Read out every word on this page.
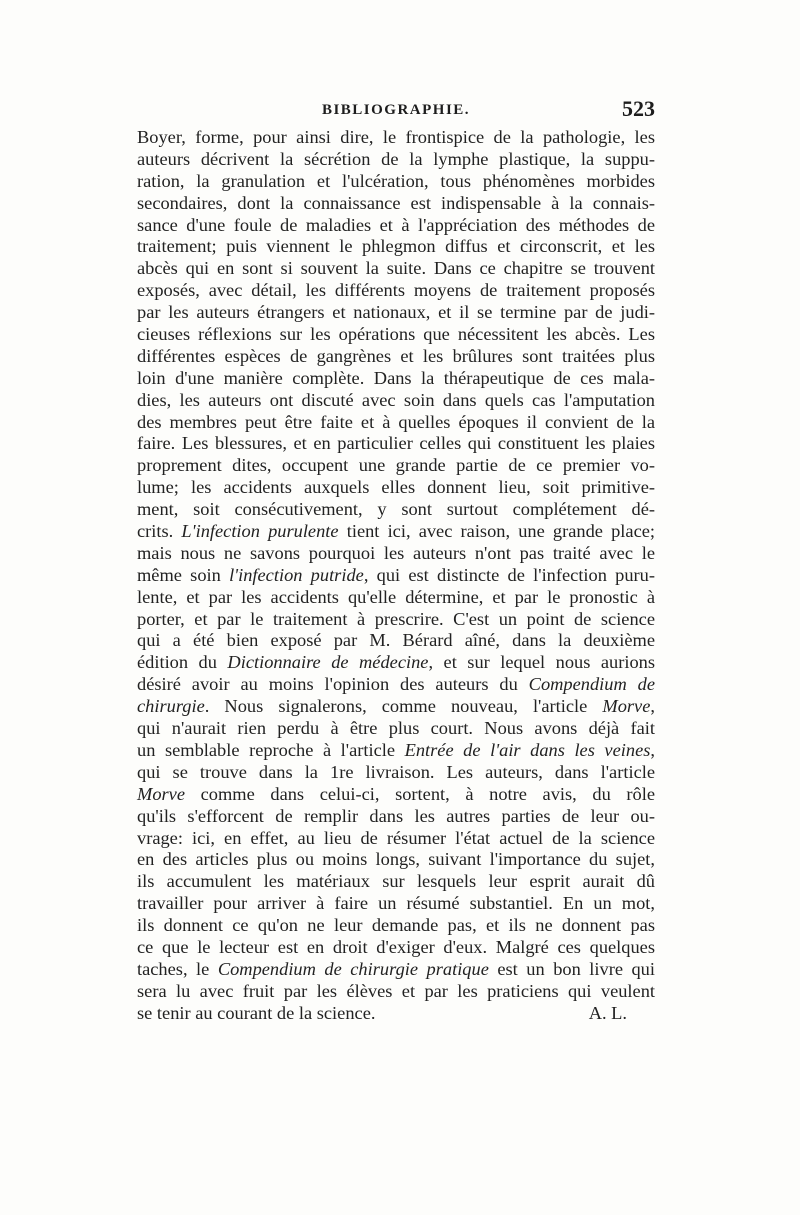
BIBLIOGRAPHIE.	523
Boyer, forme, pour ainsi dire, le frontispice de la pathologie, les
auteurs décrivent la sécrétion de la lymphe plastique, la suppu-
ration, la granulation et l'ulcération, tous phénomènes morbides
secondaires, dont la connaissance est indispensable à la connais-
sance d'une foule de maladies et à l'appréciation des méthodes de
traitement; puis viennent le phlegmon diffus et circonscrit, et les
abcès qui en sont si souvent la suite. Dans ce chapitre se trouvent
exposés, avec détail, les différents moyens de traitement proposés
par les auteurs étrangers et nationaux, et il se termine par de judi-
cieuses réflexions sur les opérations que nécessitent les abcès. Les
différentes espèces de gangrènes et les brûlures sont traitées plus
loin d'une manière complète. Dans la thérapeutique de ces mala-
dies, les auteurs ont discuté avec soin dans quels cas l'amputation
des membres peut être faite et à quelles époques il convient de la
faire. Les blessures, et en particulier celles qui constituent les plaies
proprement dites, occupent une grande partie de ce premier vo-
lume; les accidents auxquels elles donnent lieu, soit primitive-
ment, soit consécutivement, y sont surtout complétement dé-
crits. L'infection purulente tient ici, avec raison, une grande place;
mais nous ne savons pourquoi les auteurs n'ont pas traité avec le
même soin l'infection putride, qui est distincte de l'infection puru-
lente, et par les accidents qu'elle détermine, et par le pronostic à
porter, et par le traitement à prescrire. C'est un point de science
qui a été bien exposé par M. Bérard aîné, dans la deuxième
édition du Dictionnaire de médecine, et sur lequel nous aurions
désiré avoir au moins l'opinion des auteurs du Compendium de
chirurgie. Nous signalerons, comme nouveau, l'article Morve,
qui n'aurait rien perdu à être plus court. Nous avons déjà fait
un semblable reproche à l'article Entrée de l'air dans les veines,
qui se trouve dans la 1re livraison. Les auteurs, dans l'article
Morve comme dans celui-ci, sortent, à notre avis, du rôle
qu'ils s'efforcent de remplir dans les autres parties de leur ou-
vrage: ici, en effet, au lieu de résumer l'état actuel de la science
en des articles plus ou moins longs, suivant l'importance du sujet,
ils accumulent les matériaux sur lesquels leur esprit aurait dû
travailler pour arriver à faire un résumé substantiel. En un mot,
ils donnent ce qu'on ne leur demande pas, et ils ne donnent pas
ce que le lecteur est en droit d'exiger d'eux. Malgré ces quelques
taches, le Compendium de chirurgie pratique est un bon livre qui
sera lu avec fruit par les élèves et par les praticiens qui veulent
se tenir au courant de la science.	A. L.
